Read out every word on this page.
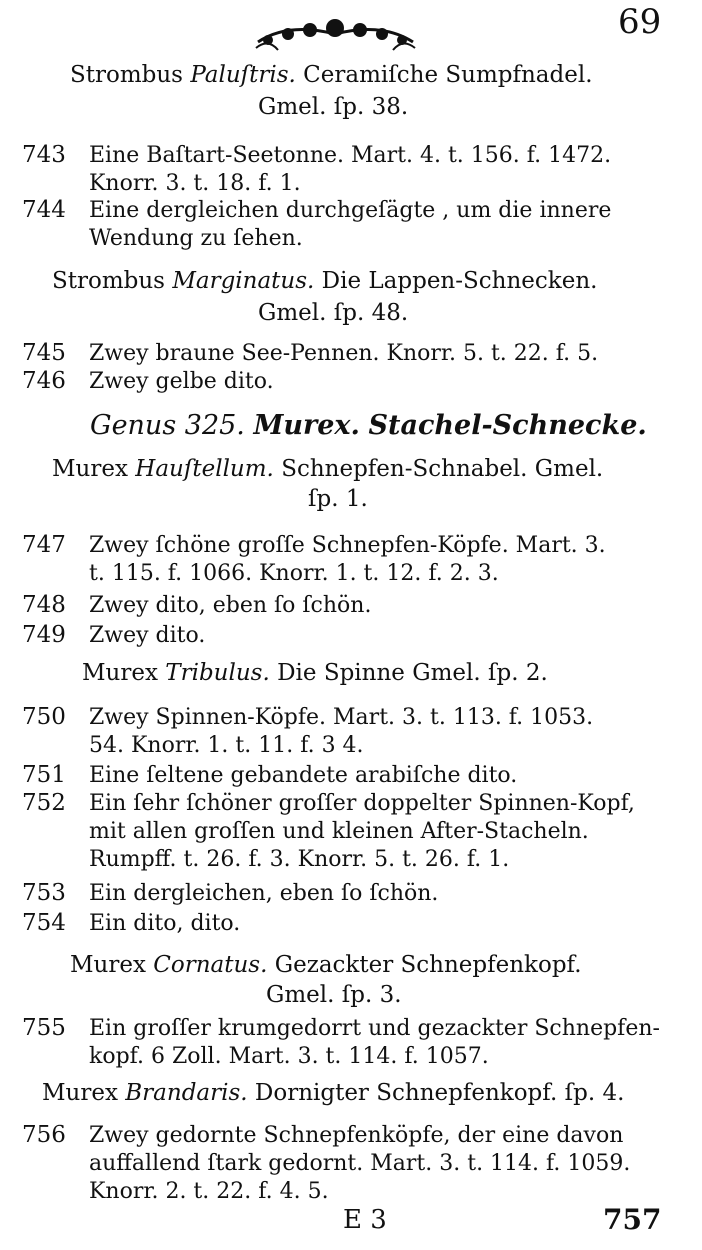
69
Strombus Paluſtris. Ceramiſche Sumpfnadel.
Gmel. ſp. 38.
743	Eine Baſtart-Seetonne. Mart. 4. t. 156. f. 1472.
Knorr. 3. t. 18. f. 1.
744	Eine dergleichen durchgeſägte , um die innere
Wendung zu ſehen.
Strombus Marginatus. Die Lappen-Schnecken.
Gmel. ſp. 48.
745	Zwey braune See-Pennen. Knorr. 5. t. 22. f. 5.
746	Zwey gelbe dito.
Genus 325. Murex. Stachel-Schnecke.
Murex Hauſtellum. Schnepfen-Schnabel. Gmel.
ſp. 1.
747	Zwey ſchöne groſſe Schnepfen-Köpfe. Mart. 3.
t. 115. f. 1066. Knorr. 1. t. 12. f. 2. 3.
748	Zwey dito, eben ſo ſchön.
749	Zwey dito.
Murex Tribulus. Die Spinne Gmel. ſp. 2.
750	Zwey Spinnen-Köpfe. Mart. 3. t. 113. f. 1053.
54. Knorr. 1. t. 11. f. 3 4.
751	Eine ſeltene gebandete arabiſche dito.
752	Ein ſehr ſchöner groſſer doppelter Spinnen-Kopf,
mit allen groſſen und kleinen After-Stacheln.
Rumpff. t. 26. f. 3. Knorr. 5. t. 26. f. 1.
753	Ein dergleichen, eben ſo ſchön.
754	Ein dito, dito.
Murex Cornatus. Gezackter Schnepfenkopf.
Gmel. ſp. 3.
755	Ein groſſer krumgedorrt und gezackter Schnepfen-
kopf. 6 Zoll. Mart. 3. t. 114. f. 1057.
Murex Brandaris. Dornigter Schnepfenkopf. ſp. 4.
756	Zwey gedornte Schnepfenköpfe, der eine davon
auffallend ſtark gedornt. Mart. 3. t. 114. f. 1059.
Knorr. 2. t. 22. f. 4. 5.
E 3	757
